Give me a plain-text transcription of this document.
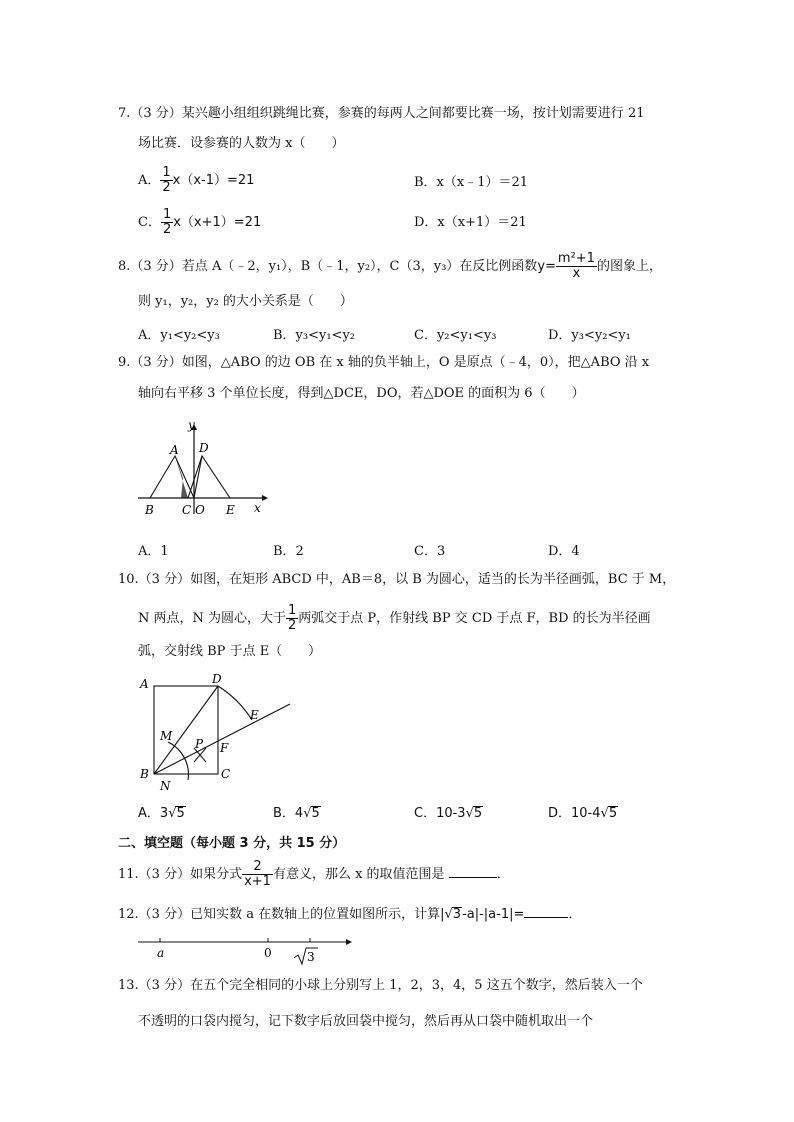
7.（3 分）某兴趣小组组织跳绳比赛，参赛的每两人之间都要比赛一场，按计划需要进行 21
场比赛．设参赛的人数为 x（　　）
A． $\frac{1}{2} x(x-1)=21$	B．x（x﹣1）＝21
C． $\frac{1}{2} x(x+1)=21$	D．x（x+1）＝21
8.（3 分）若点 A（﹣2，y₁），B（﹣1，y₂），C（3，y₃）在反比例函数$y= \frac{\text{m²+1}}{x}$ 的图象上，
则 y₁，y₂，y₂ 的大小关系是（　　）
A．y₁<y₂<y₃	B．y₃<y₁<y₂	C．y₂<y₁<y₃	D．y₃<y₂<y₁
9.（3 分）如图，△ABO 的边 OB 在 x 轴的负半轴上，O 是原点（﹣4，0），把△ABO 沿 x
轴向右平移 3 个单位长度，得到△DCE，DO，若△DOE 的面积为 6（　　）
y
A D
B C O E x
A．1	B．2	C．3	D．4
10.（3 分）如图，在矩形 ABCD 中，AB＝8，以 B 为圆心，适当的长为半径画弧，BC 于 M，
N 两点，N 为圆心，大于 $\frac{1}{2}$ 两弧交于点 P，作射线 BP 交 CD 于点 F，BD 的长为半径画
弧，交射线 BP 于点 E（　　）
A	D
E
M
P F
B
N
C
A．3√5	B．4√5	C．10-3√5	D．10-4√5
二、填空题（每小题 3 分，共 15 分）
11.（3 分）如果分式 $\frac{2}{x+1}$ 有意义，那么 x 的取值范围是	．
12.（3 分）已知实数 a 在数轴上的位置如图所示，计算|√3-a|-|a-1|=	．
a	0	3
13.（3 分）在五个完全相同的小球上分别写上 1，2，3，4，5 这五个数字，然后装入一个
不透明的口袋内搅匀，记下数字后放回袋中搅匀，然后再从口袋中随机取出一个
